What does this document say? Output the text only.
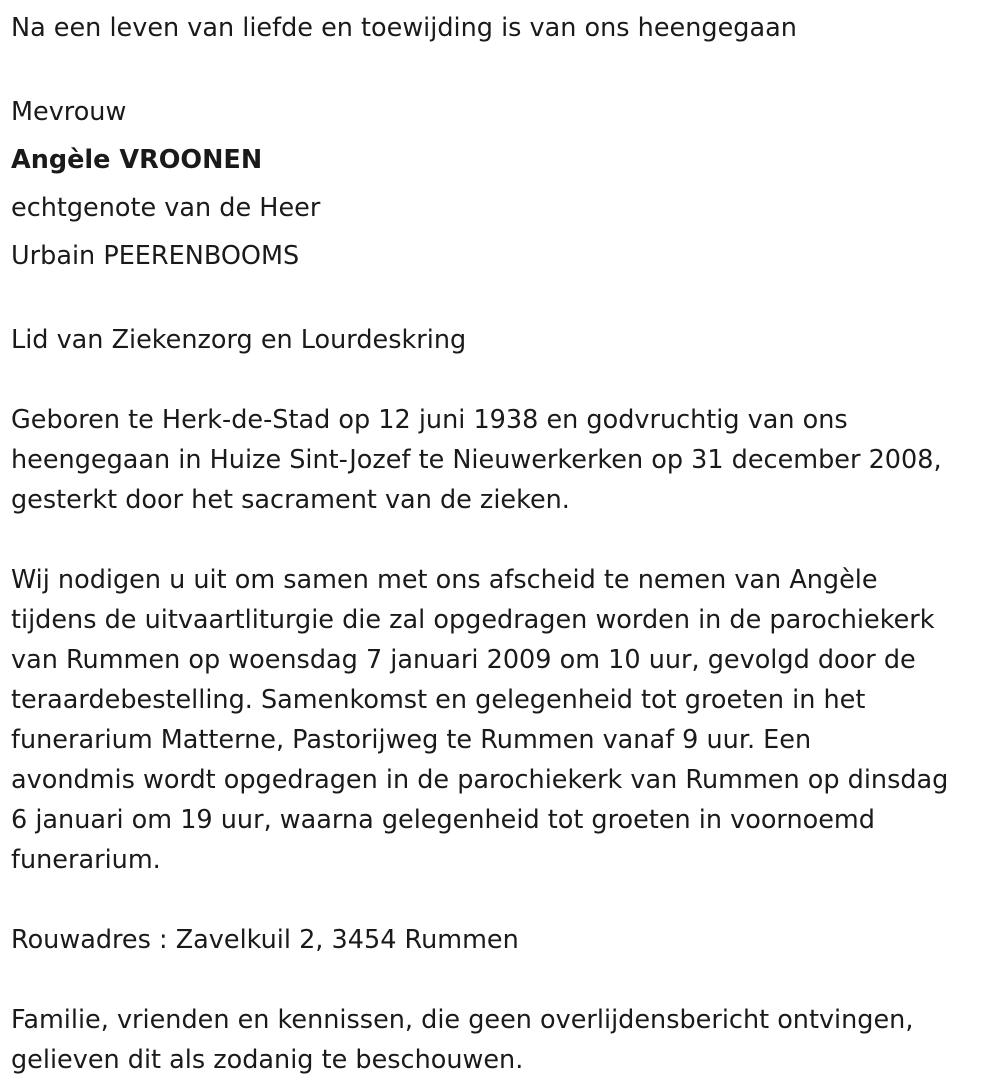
Na een leven van liefde en toewijding is van ons heengegaan

Mevrouw

Angèle VROONEN

echtgenote van de Heer

Urbain PEERENBOOMS

Lid van Ziekenzorg en Lourdeskring

Geboren te Herk-de-Stad op 12 juni 1938 en godvruchtig van ons

heengegaan in Huize Sint-Jozef te Nieuwerkerken op 31 december 2008,

gesterkt door het sacrament van de zieken.

Wij nodigen u uit om samen met ons afscheid te nemen van Angèle

tijdens de uitvaartliturgie die zal opgedragen worden in de parochiekerk

van Rummen op woensdag 7 januari 2009 om 10 uur, gevolgd door de

teraardebestelling. Samenkomst en gelegenheid tot groeten in het

funerarium Matterne, Pastorijweg te Rummen vanaf 9 uur. Een

avondmis wordt opgedragen in de parochiekerk van Rummen op dinsdag

6 januari om 19 uur, waarna gelegenheid tot groeten in voornoemd

funerarium.

Rouwadres : Zavelkuil 2, 3454 Rummen

Familie, vrienden en kennissen, die geen overlijdensbericht ontvingen,

gelieven dit als zodanig te beschouwen.
